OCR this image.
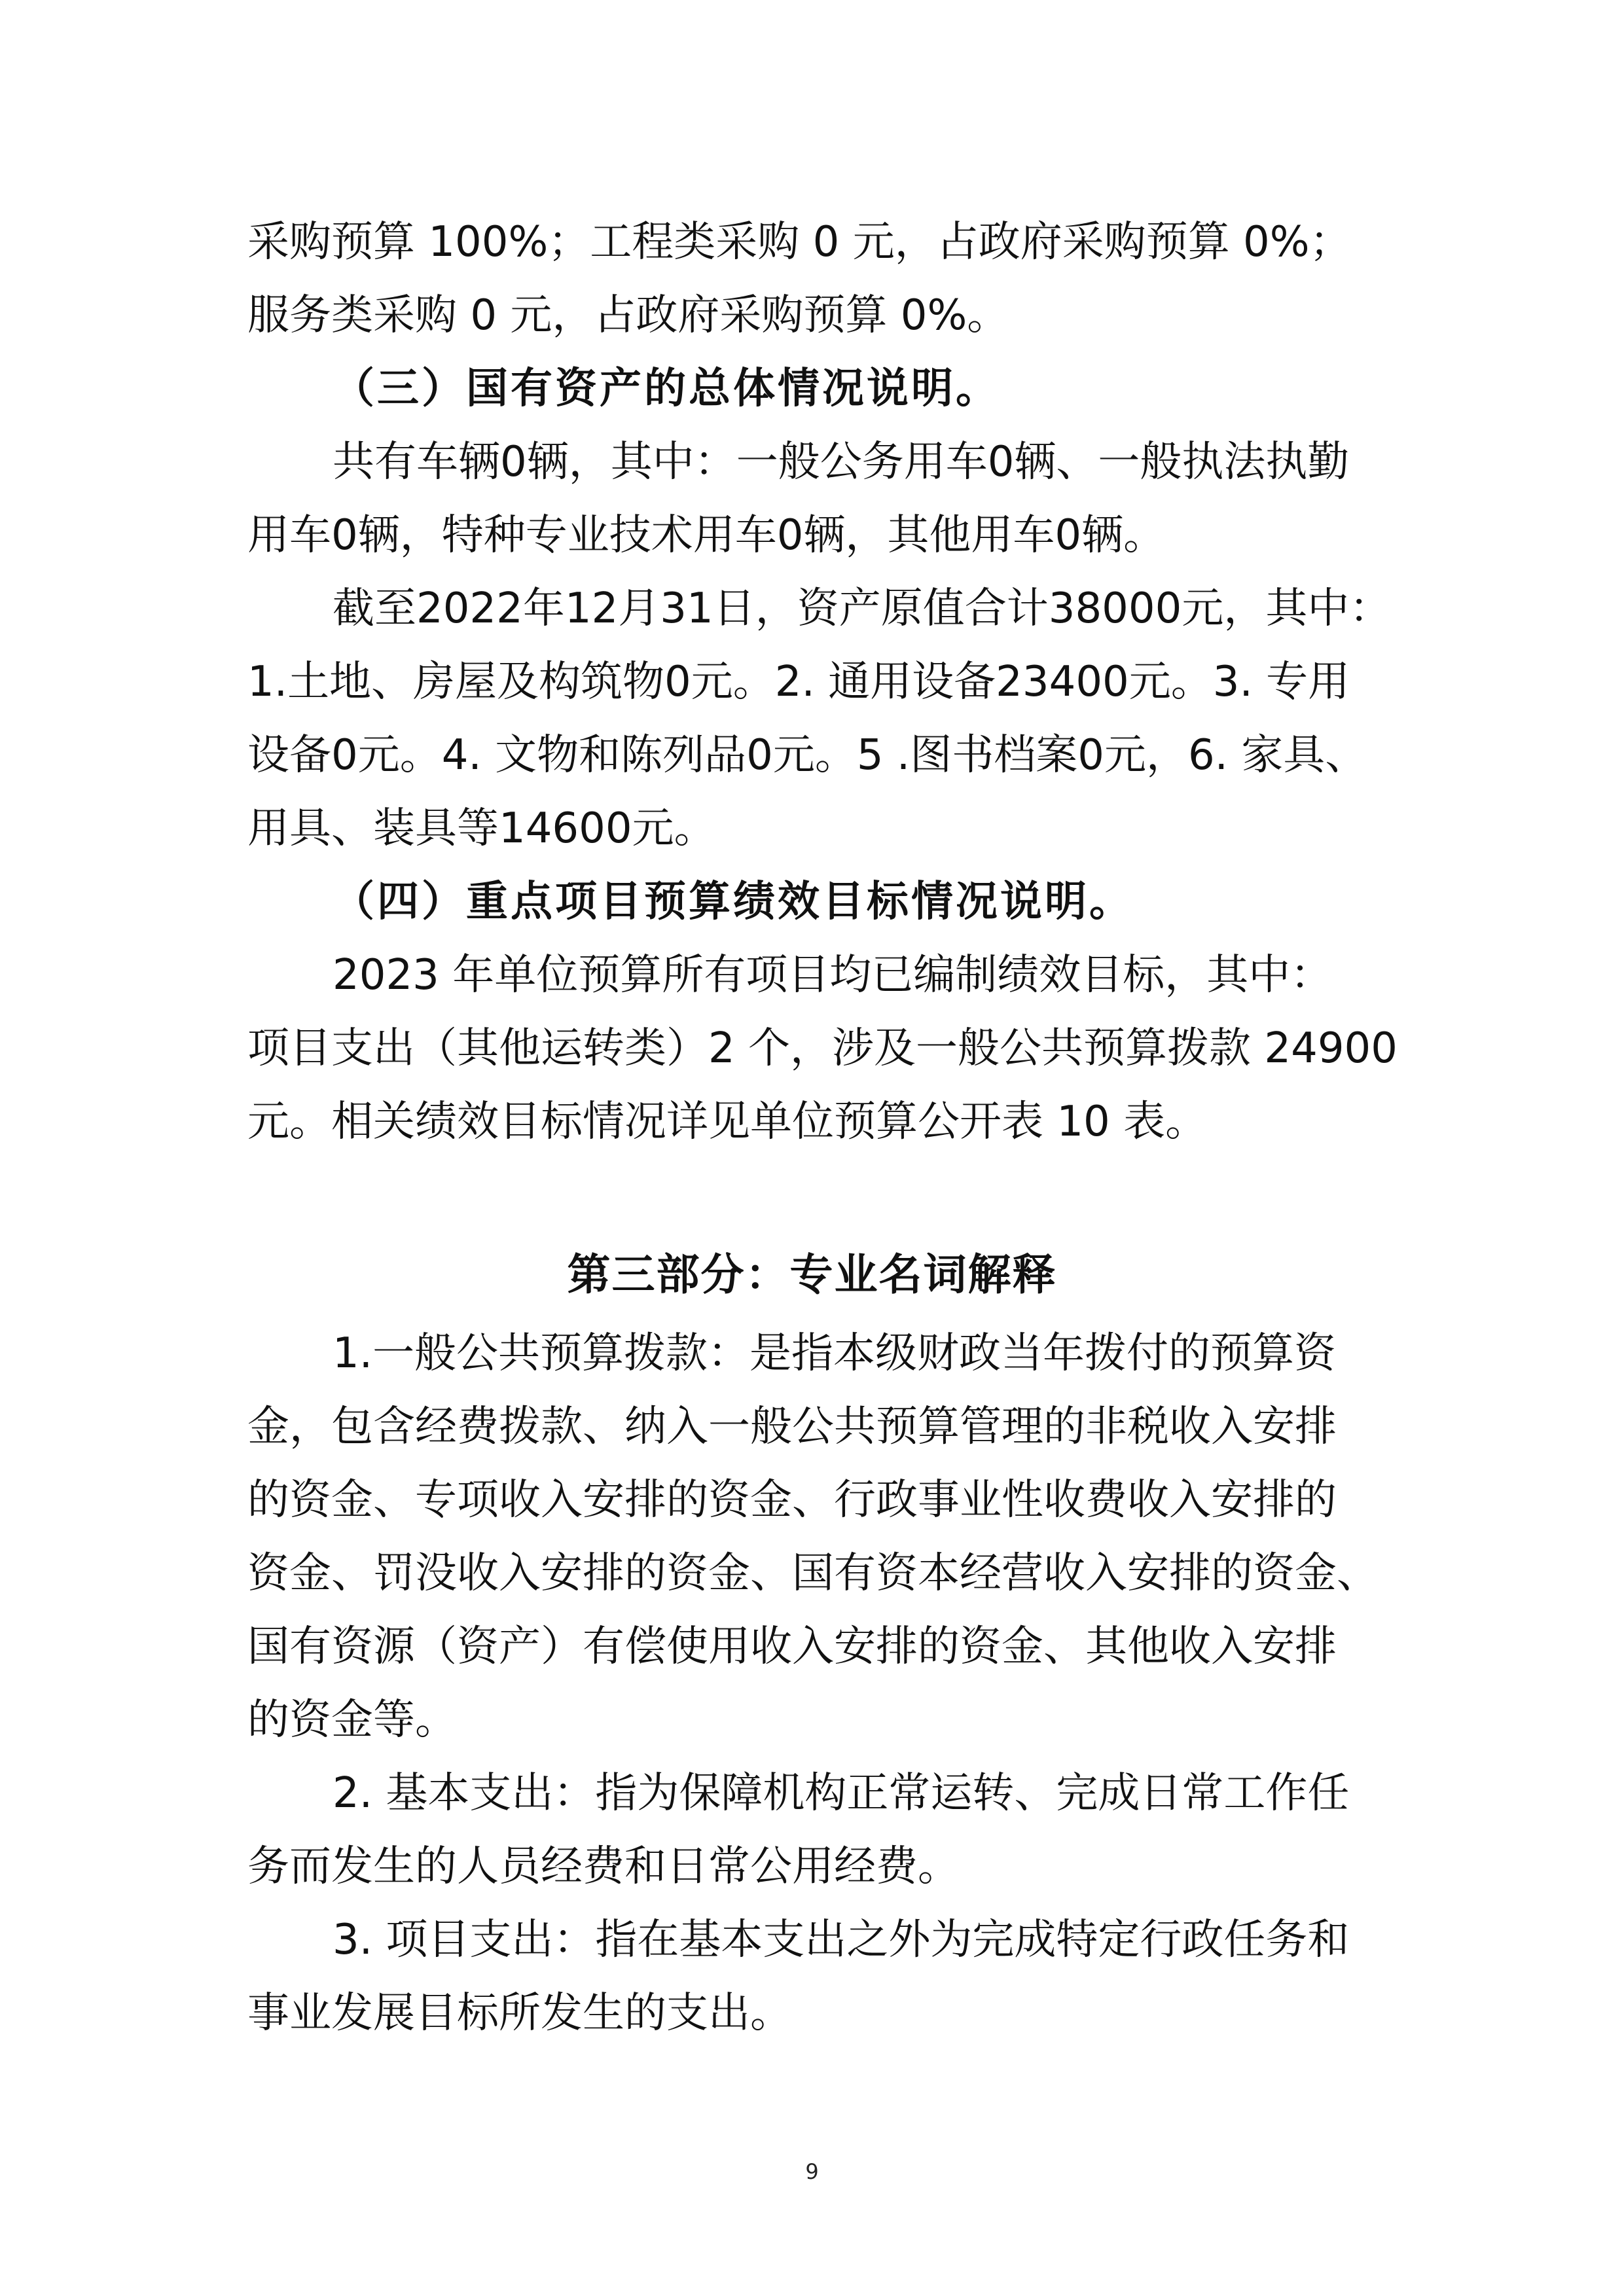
采购预算 100%；工程类采购 0 元，占政府采购预算 0%；
服务类采购 0 元，占政府采购预算 0%。
（三）国有资产的总体情况说明。
共有车辆0辆，其中：一般公务用车0辆、一般执法执勤
用车0辆，特种专业技术用车0辆，其他用车0辆。
截至2022年12月31日，资产原值合计38000元，其中：
1.土地、房屋及构筑物0元。2. 通用设备23400元。3. 专用
设备0元。4. 文物和陈列品0元。5 .图书档案0元，6. 家具、
用具、装具等14600元。
（四）重点项目预算绩效目标情况说明。
2023 年单位预算所有项目均已编制绩效目标，其中：
项目支出（其他运转类）2 个，涉及一般公共预算拨款 24900
元。相关绩效目标情况详见单位预算公开表 10 表。
第三部分：专业名词解释
1.一般公共预算拨款：是指本级财政当年拨付的预算资
金，包含经费拨款、纳入一般公共预算管理的非税收入安排
的资金、专项收入安排的资金、行政事业性收费收入安排的
资金、罚没收入安排的资金、国有资本经营收入安排的资金、
国有资源（资产）有偿使用收入安排的资金、其他收入安排
的资金等。
2. 基本支出：指为保障机构正常运转、完成日常工作任
务而发生的人员经费和日常公用经费。
3. 项目支出：指在基本支出之外为完成特定行政任务和
事业发展目标所发生的支出。
9
